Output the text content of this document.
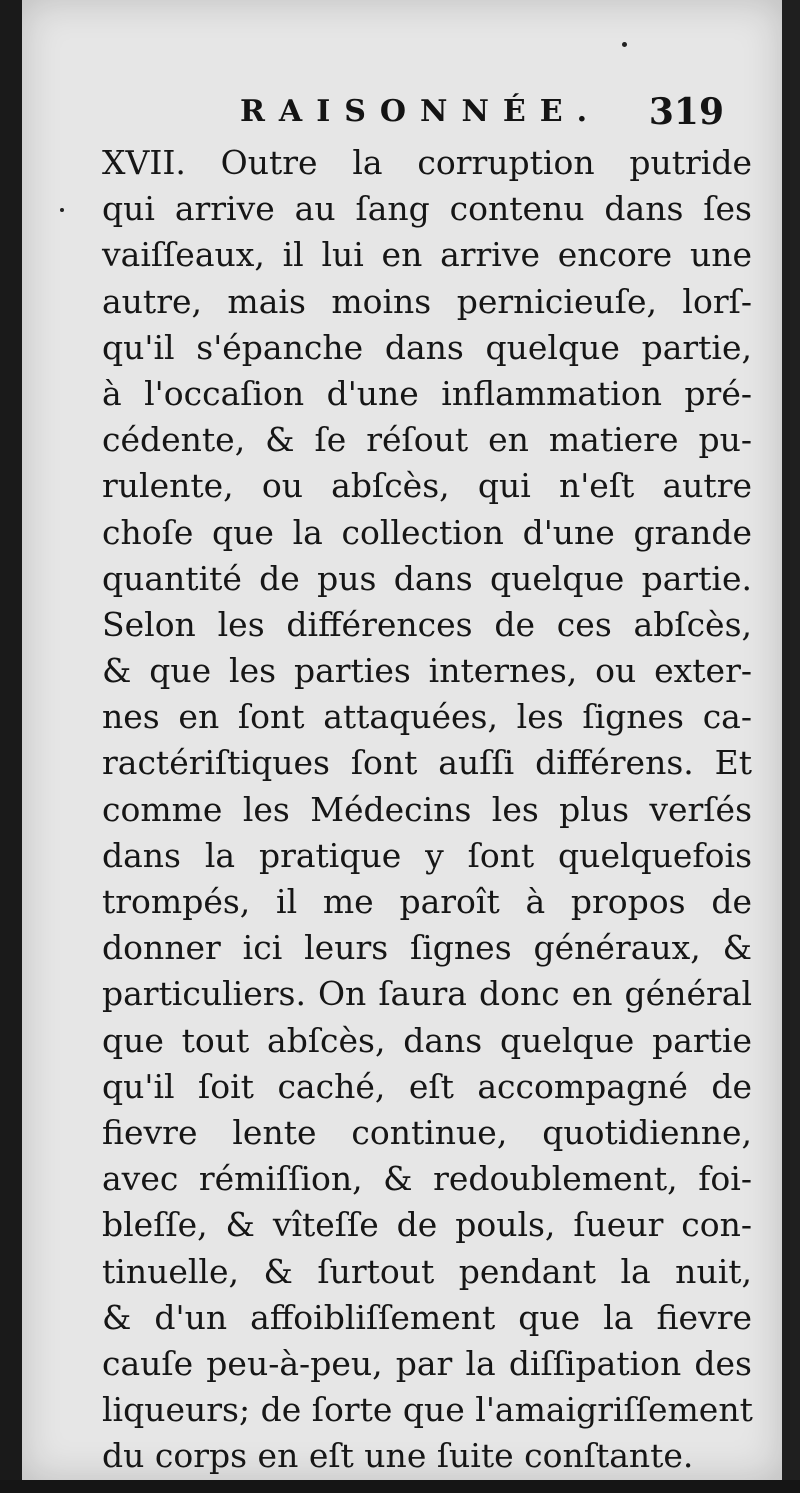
RAISONNÉE. 319
XVII. Outre la corruption putride
qui arrive au ſang contenu dans ſes
vaiſſeaux, il lui en arrive encore une
autre, mais moins pernicieuſe, lorſ-
qu'il s'épanche dans quelque partie,
à l'occaſion d'une inflammation pré-
cédente, & ſe réſout en matiere pu-
rulente, ou abſcès, qui n'eſt autre
choſe que la collection d'une grande
quantité de pus dans quelque partie.
Selon les différences de ces abſcès,
& que les parties internes, ou exter-
nes en ſont attaquées, les ſignes ca-
ractériſtiques ſont auſſi différens. Et
comme les Médecins les plus verſés
dans la pratique y ſont quelquefois
trompés, il me paroît à propos de
donner ici leurs ſignes généraux, &
particuliers. On ſaura donc en général
que tout abſcès, dans quelque partie
qu'il ſoit caché, eſt accompagné de
fievre lente continue, quotidienne,
avec rémiſſion, & redoublement, foi-
bleſſe, & vîteſſe de pouls, ſueur con-
tinuelle, & ſurtout pendant la nuit,
& d'un affoibliſſement que la fievre
cauſe peu-à-peu, par la diſſipation des
liqueurs; de ſorte que l'amaigriſſement
du corps en eſt une ſuite conſtante.
